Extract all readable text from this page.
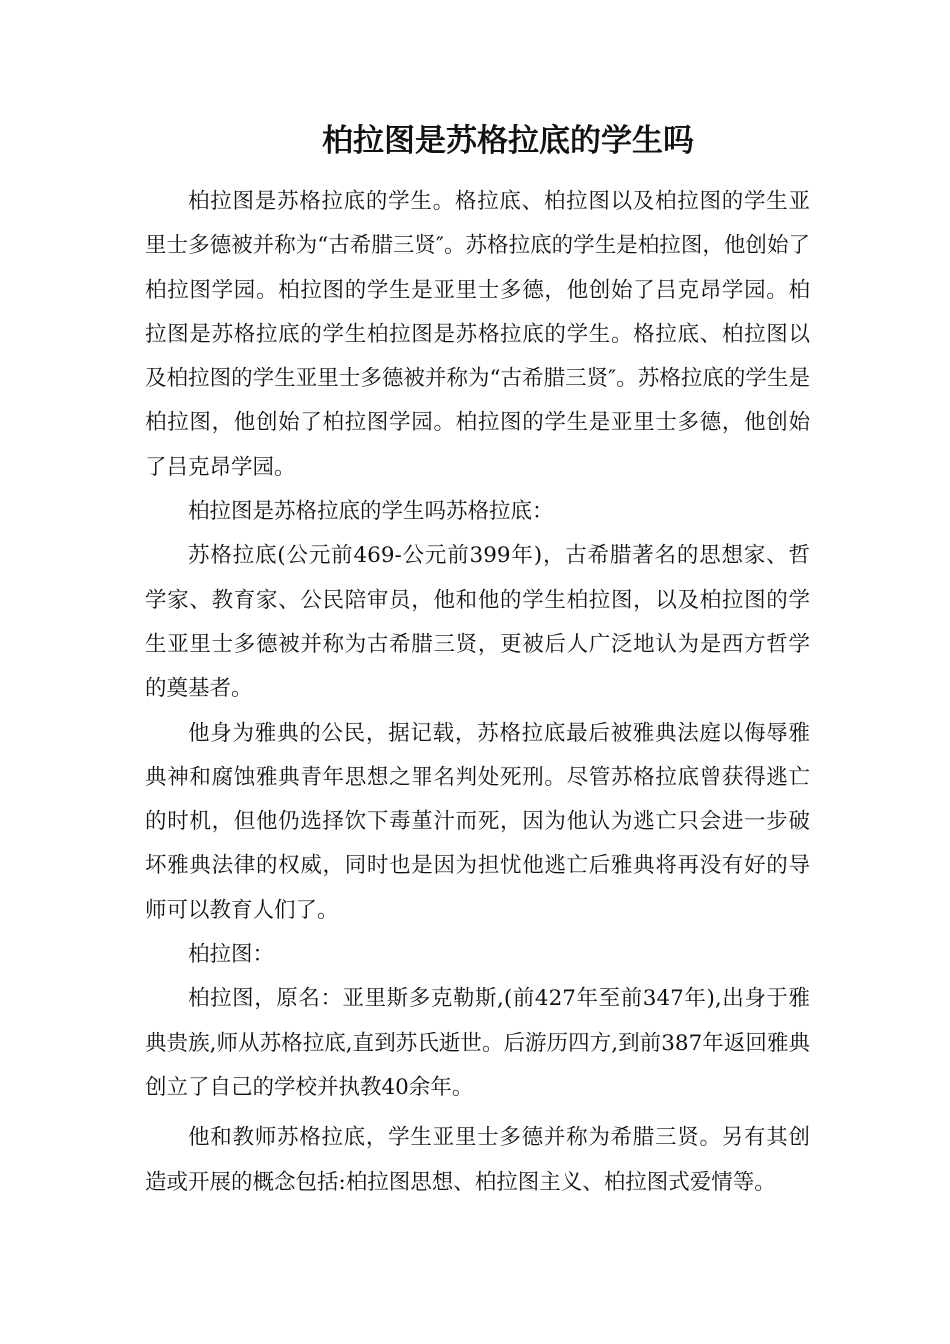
柏拉图是苏格拉底的学生吗

柏拉图是苏格拉底的学生。格拉底、柏拉图以及柏拉图的学生亚里士多德被并称为“古希腊三贤″。苏格拉底的学生是柏拉图，他创始了柏拉图学园。柏拉图的学生是亚里士多德，他创始了吕克昂学园。柏拉图是苏格拉底的学生柏拉图是苏格拉底的学生。格拉底、柏拉图以及柏拉图的学生亚里士多德被并称为“古希腊三贤″。苏格拉底的学生是柏拉图，他创始了柏拉图学园。柏拉图的学生是亚里士多德，他创始了吕克昂学园。

柏拉图是苏格拉底的学生吗苏格拉底：

苏格拉底(公元前469-公元前399年)，古希腊著名的思想家、哲学家、教育家、公民陪审员，他和他的学生柏拉图，以及柏拉图的学生亚里士多德被并称为古希腊三贤，更被后人广泛地认为是西方哲学的奠基者。

他身为雅典的公民，据记载，苏格拉底最后被雅典法庭以侮辱雅典神和腐蚀雅典青年思想之罪名判处死刑。尽管苏格拉底曾获得逃亡的时机，但他仍选择饮下毒堇汁而死，因为他认为逃亡只会进一步破坏雅典法律的权威，同时也是因为担忧他逃亡后雅典将再没有好的导师可以教育人们了。

柏拉图：

柏拉图，原名：亚里斯多克勒斯,(前427年至前347年),出身于雅典贵族,师从苏格拉底,直到苏氏逝世。后游历四方,到前387年返回雅典创立了自己的学校并执教40余年。

他和教师苏格拉底，学生亚里士多德并称为希腊三贤。另有其创造或开展的概念包括:柏拉图思想、柏拉图主义、柏拉图式爱情等。
